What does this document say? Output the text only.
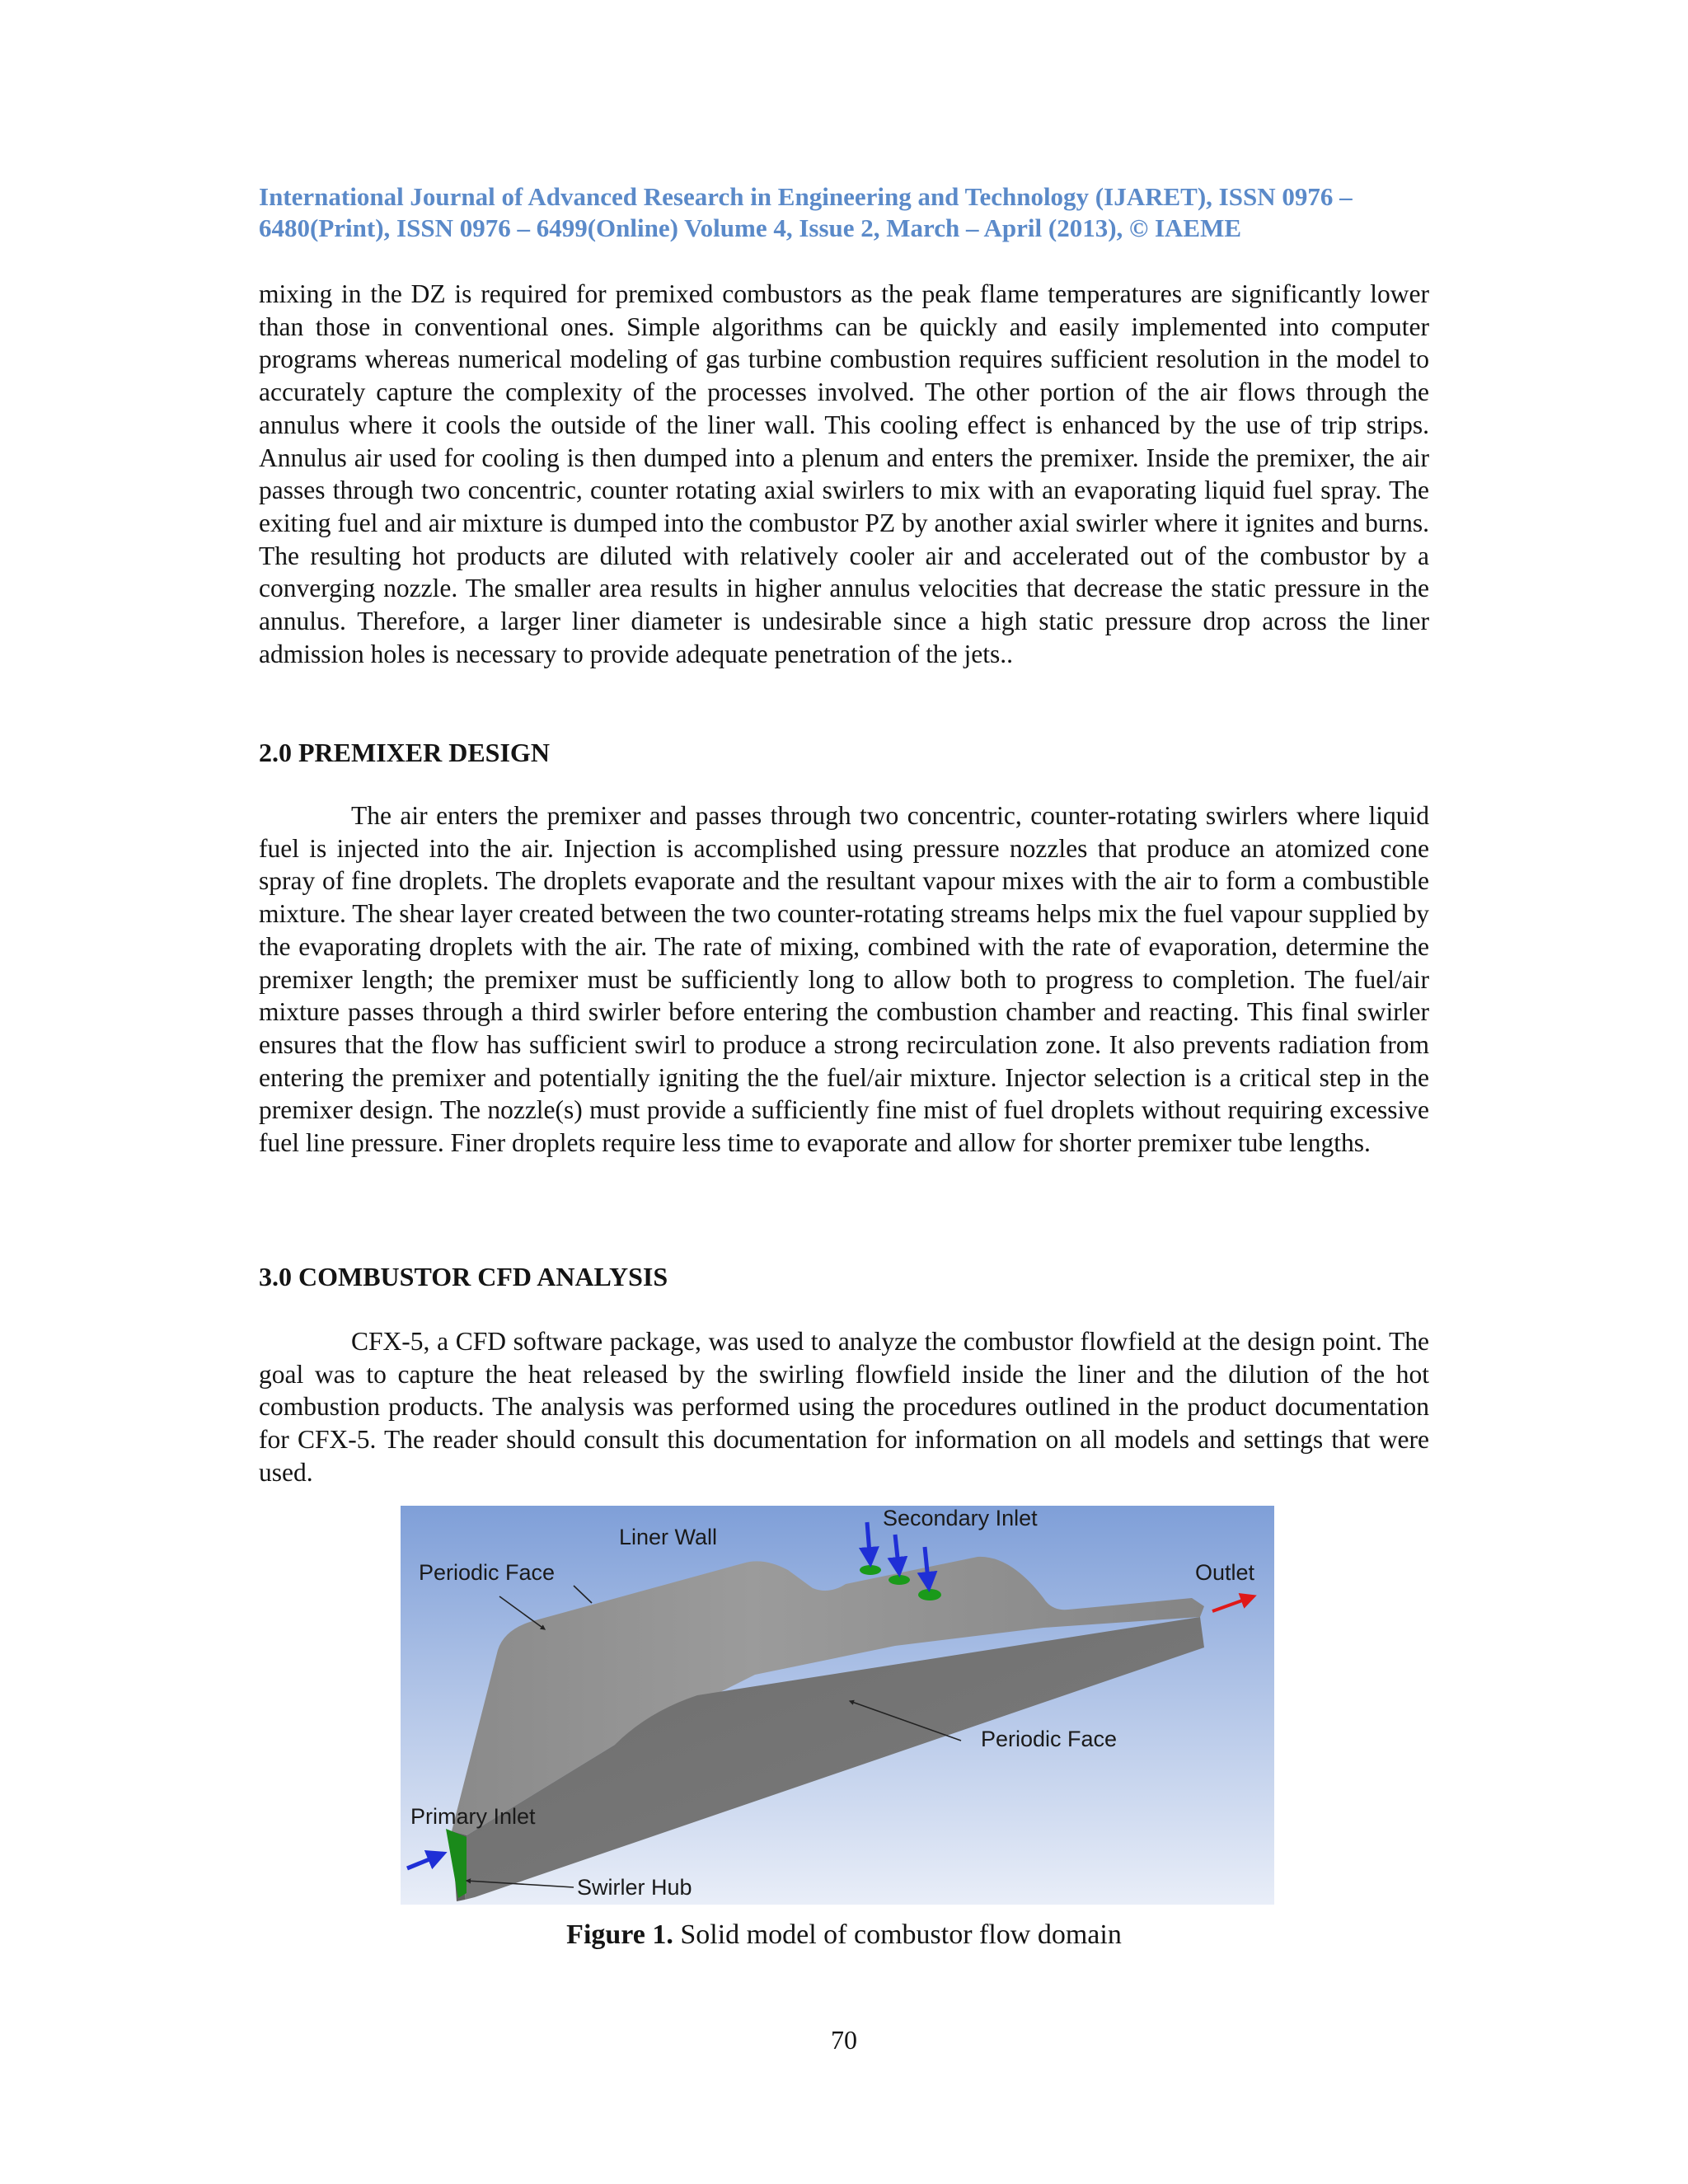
International Journal of Advanced Research in Engineering and Technology (IJARET), ISSN 0976 –
6480(Print), ISSN 0976 – 6499(Online) Volume 4, Issue 2, March – April (2013), © IAEME

mixing in the DZ is required for premixed combustors as the peak flame temperatures are significantly lower than those in conventional ones. Simple algorithms can be quickly and easily implemented into computer programs whereas numerical modeling of gas turbine combustion requires sufficient resolution in the model to accurately capture the complexity of the processes involved. The other portion of the air flows through the annulus where it cools the outside of the liner wall. This cooling effect is enhanced by the use of trip strips. Annulus air used for cooling is then dumped into a plenum and enters the premixer. Inside the premixer, the air passes through two concentric, counter rotating axial swirlers to mix with an evaporating liquid fuel spray. The exiting fuel and air mixture is dumped into the combustor PZ by another axial swirler where it ignites and burns. The resulting hot products are diluted with relatively cooler air and accelerated out of the combustor by a converging nozzle. The smaller area results in higher annulus velocities that decrease the static pressure in the annulus. Therefore, a larger liner diameter is undesirable since a high static pressure drop across the liner admission holes is necessary to provide adequate penetration of the jets..

2.0 PREMIXER DESIGN

The air enters the premixer and passes through two concentric, counter-rotating swirlers where liquid fuel is injected into the air. Injection is accomplished using pressure nozzles that produce an atomized cone spray of fine droplets. The droplets evaporate and the resultant vapour mixes with the air to form a combustible mixture. The shear layer created between the two counter-rotating streams helps mix the fuel vapour supplied by the evaporating droplets with the air. The rate of mixing, combined with the rate of evaporation, determine the premixer length; the premixer must be sufficiently long to allow both to progress to completion. The fuel/air mixture passes through a third swirler before entering the combustion chamber and reacting. This final swirler ensures that the flow has sufficient swirl to produce a strong recirculation zone. It also prevents radiation from entering the premixer and potentially igniting the the fuel/air mixture. Injector selection is a critical step in the premixer design. The nozzle(s) must provide a sufficiently fine mist of fuel droplets without requiring excessive fuel line pressure. Finer droplets require less time to evaporate and allow for shorter premixer tube lengths.

3.0 COMBUSTOR CFD ANALYSIS

CFX-5, a CFD software package, was used to analyze the combustor flowfield at the design point. The goal was to capture the heat released by the swirling flowfield inside the liner and the dilution of the hot combustion products. The analysis was performed using the procedures outlined in the product documentation for CFX-5. The reader should consult this documentation for information on all models and settings that were used.

Secondary Inlet
Liner Wall
Periodic Face	Outlet
Periodic Face
Primary Inlet
Swirler Hub
Figure 1. Solid model of combustor flow domain
70
